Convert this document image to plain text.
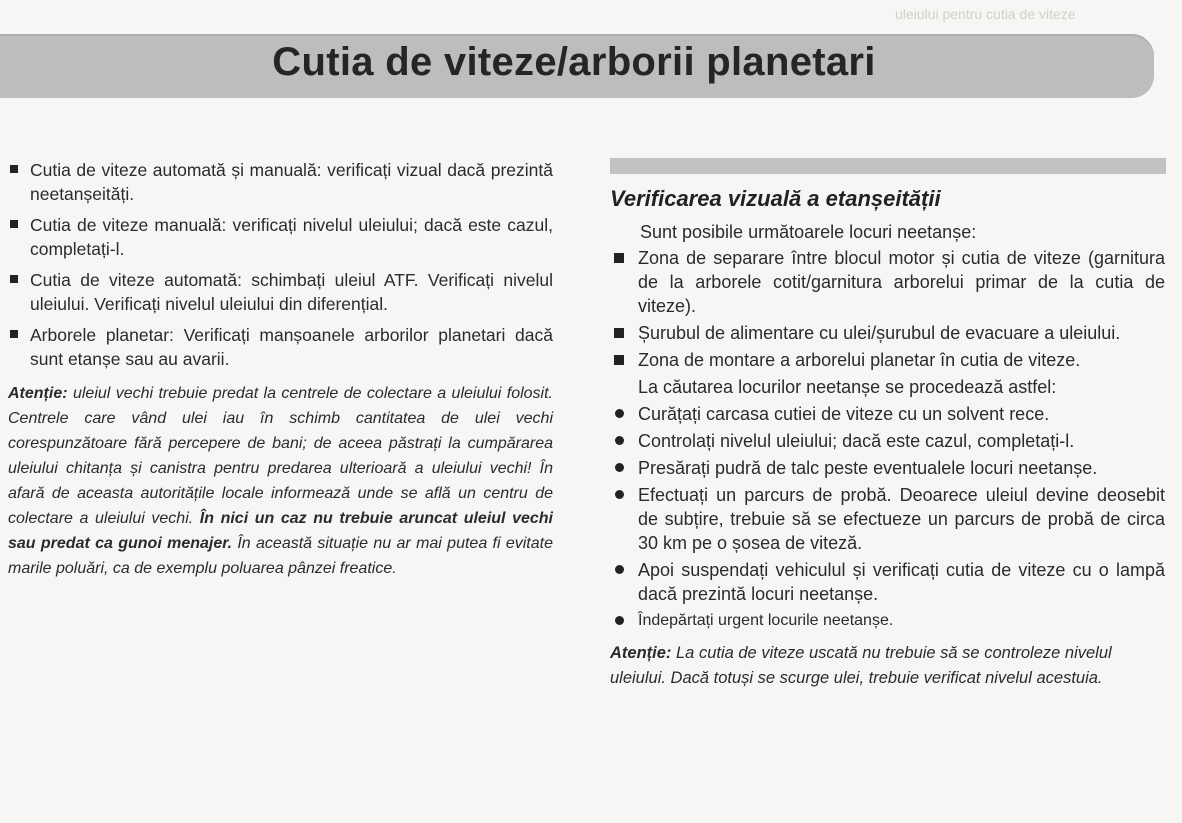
uleiului pentru cutia de viteze
Cutia de viteze/arborii planetari
Cutia de viteze automată și manuală: verificați vizual dacă prezintă neetanșeități.
Cutia de viteze manuală: verificați nivelul uleiului; dacă este cazul, completați-l.
Cutia de viteze automată: schimbați uleiul ATF. Verificați nivelul uleiului. Verificați nivelul uleiului din diferențial.
Arborele planetar: Verificați manșoanele arborilor planetari dacă sunt etanșe sau au avarii.

Atenție: uleiul vechi trebuie predat la centrele de colectare a uleiului folosit. Centrele care vând ulei iau în schimb cantitatea de ulei vechi corespunzătoare fără percepere de bani; de aceea păstrați la cumpărarea uleiului chitanța și canistra pentru predarea ulterioară a uleiului vechi! În afară de aceasta autoritățile locale informează unde se află un centru de colectare a uleiului vechi. În nici un caz nu trebuie aruncat uleiul vechi sau predat ca gunoi menajer. În această situație nu ar mai putea fi evitate marile poluări, ca de exemplu poluarea pânzei freatice.

Verificarea vizuală a etanșeității

Sunt posibile următoarele locuri neetanșe:

Zona de separare între blocul motor și cutia de viteze (garnitura de la arborele cotit/garnitura arborelui primar de la cutia de viteze).
Șurubul de alimentare cu ulei/șurubul de evacuare a uleiului.
Zona de montare a arborelui planetar în cutia de viteze.

La căutarea locurilor neetanșe se procedează astfel:

Curățați carcasa cutiei de viteze cu un solvent rece.
Controlați nivelul uleiului; dacă este cazul, completați-l.
Presărați pudră de talc peste eventualele locuri neetanșe.
Efectuați un parcurs de probă. Deoarece uleiul devine deosebit de subțire, trebuie să se efectueze un parcurs de probă de circa 30 km pe o șosea de viteză.
Apoi suspendați vehiculul și verificați cutia de viteze cu o lampă dacă prezintă locuri neetanșe.
Îndepărtați urgent locurile neetanșe.

Atenție: La cutia de viteze uscată nu trebuie să se controleze nivelul uleiului. Dacă totuși se scurge ulei, trebuie verificat nivelul acestuia.
